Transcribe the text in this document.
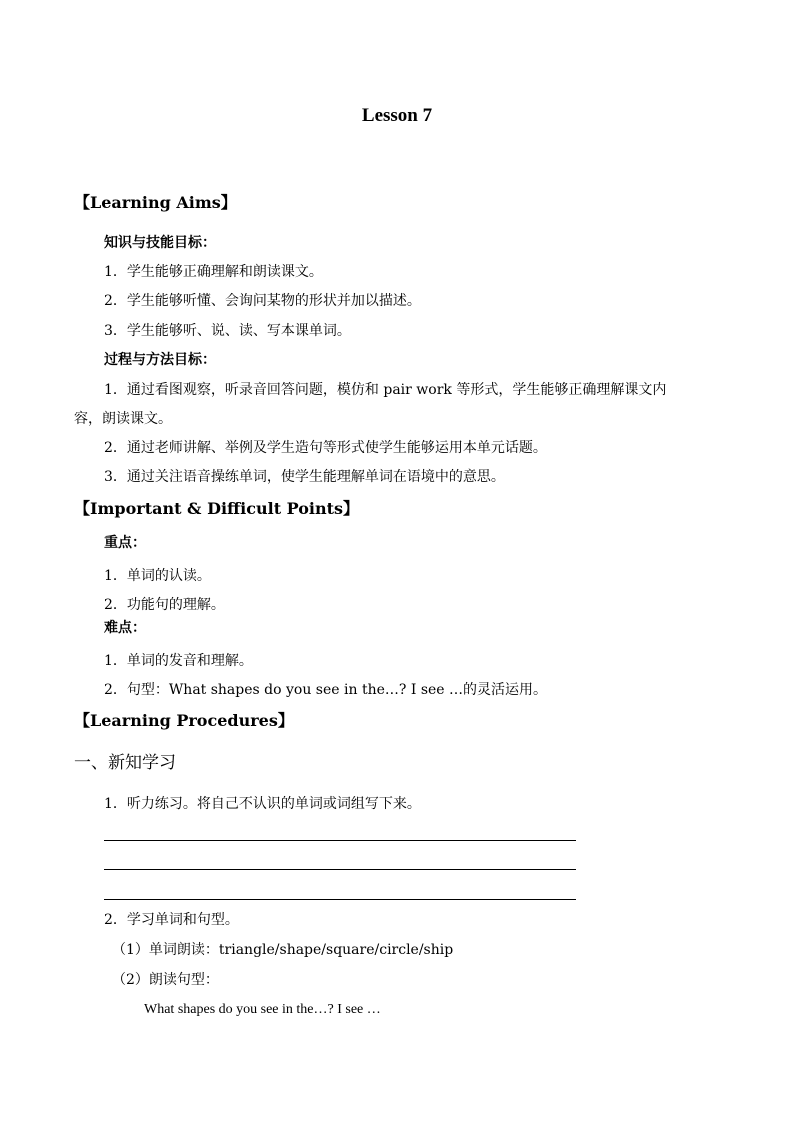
Lesson 7
【Learning Aims】
知识与技能目标：
1．学生能够正确理解和朗读课文。
2．学生能够听懂、会询问某物的形状并加以描述。
3．学生能够听、说、读、写本课单词。
过程与方法目标：
1．通过看图观察，听录音回答问题，模仿和 pair work 等形式，学生能够正确理解课文内
容，朗读课文。
2．通过老师讲解、举例及学生造句等形式使学生能够运用本单元话题。
3．通过关注语音操练单词，使学生能理解单词在语境中的意思。
【Important & Difficult Points】
重点：
1．单词的认读。
2．功能句的理解。
难点：
1．单词的发音和理解。
2．句型：What shapes do you see in the…? I see …的灵活运用。
【Learning Procedures】
一、新知学习
1．听力练习。将自己不认识的单词或词组写下来。
2．学习单词和句型。
（1）单词朗读：triangle/shape/square/circle/ship
（2）朗读句型：
What shapes do you see in the…? I see …
